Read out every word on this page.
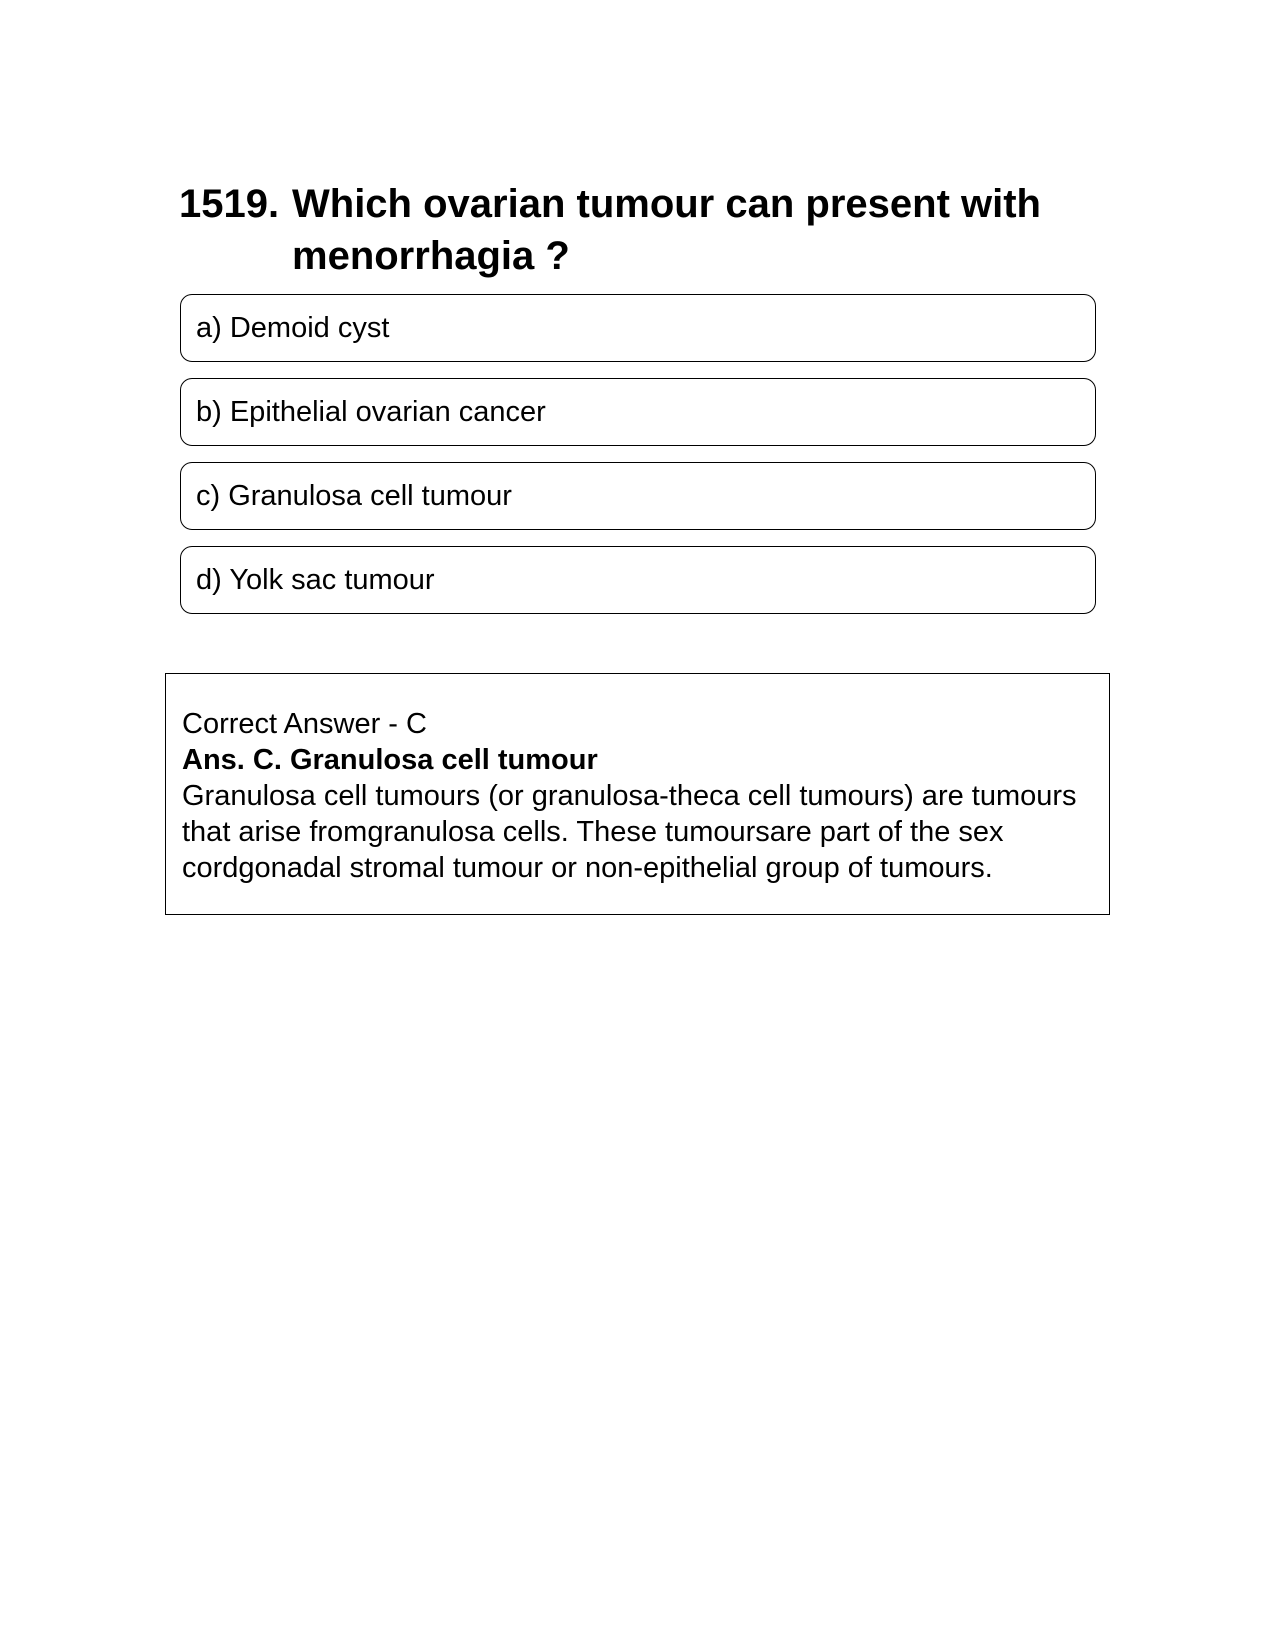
1519. Which ovarian tumour can present with menorrhagia ?
a) Demoid cyst
b) Epithelial ovarian cancer
c) Granulosa cell tumour
d) Yolk sac tumour
Correct Answer - C
Ans. C. Granulosa cell tumour
Granulosa cell tumours (or granulosa-theca cell tumours) are tumours that arise fromgranulosa cells. These tumoursare part of the sex cordgonadal stromal tumour or non-epithelial group of tumours.
